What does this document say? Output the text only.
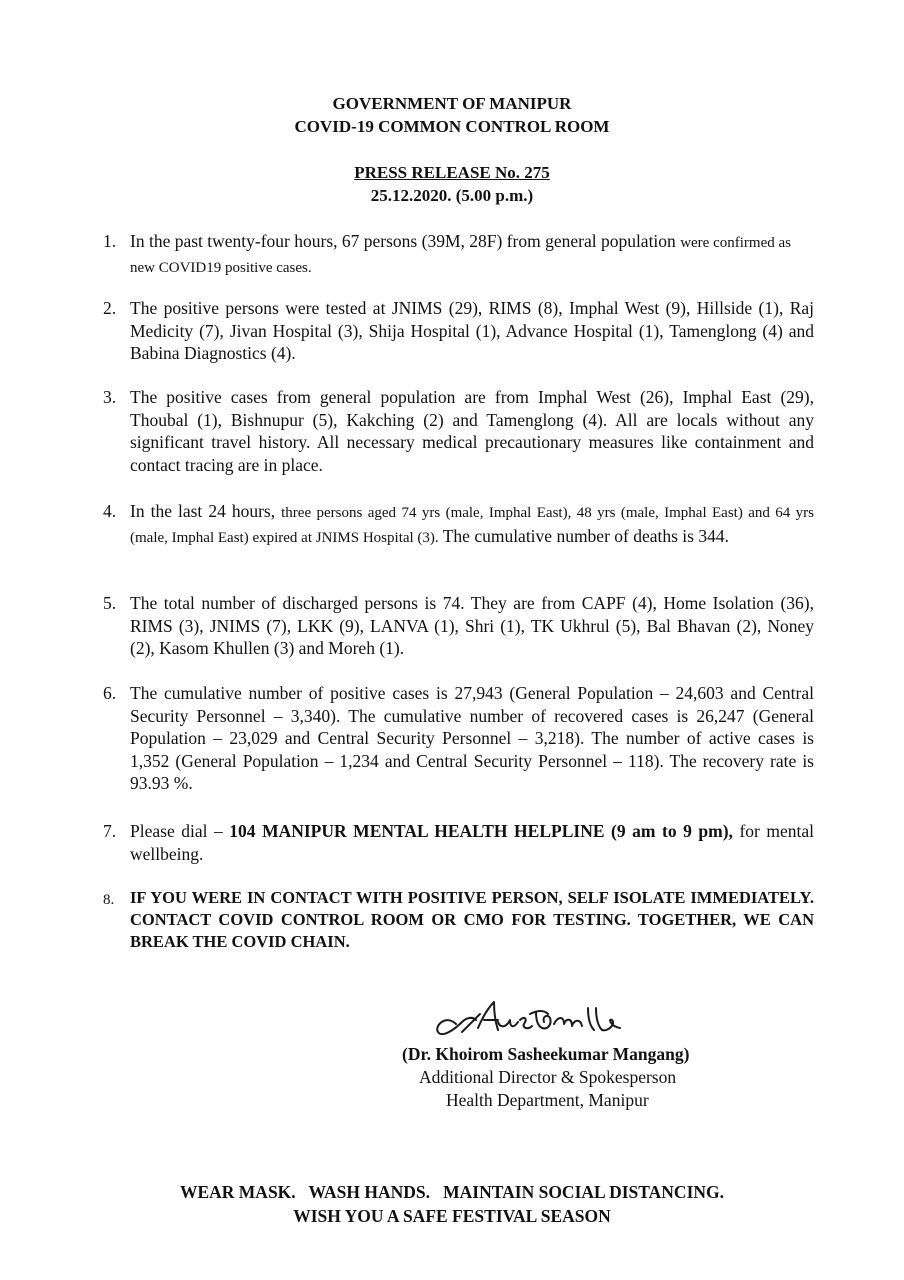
GOVERNMENT OF MANIPUR
COVID-19 COMMON CONTROL ROOM
PRESS RELEASE No. 275
25.12.2020. (5.00 p.m.)
1. In the past twenty-four hours, 67 persons (39M, 28F) from general population were confirmed as new COVID19 positive cases.
2. The positive persons were tested at JNIMS (29), RIMS (8), Imphal West (9), Hillside (1), Raj Medicity (7), Jivan Hospital (3), Shija Hospital (1), Advance Hospital (1), Tamenglong (4) and Babina Diagnostics (4).
3. The positive cases from general population are from Imphal West (26), Imphal East (29), Thoubal (1), Bishnupur (5), Kakching (2) and Tamenglong (4). All are locals without any significant travel history. All necessary medical precautionary measures like containment and contact tracing are in place.
4. In the last 24 hours, three persons aged 74 yrs (male, Imphal East), 48 yrs (male, Imphal East) and 64 yrs (male, Imphal East) expired at JNIMS Hospital (3). The cumulative number of deaths is 344.
5. The total number of discharged persons is 74. They are from CAPF (4), Home Isolation (36), RIMS (3), JNIMS (7), LKK (9), LANVA (1), Shri (1), TK Ukhrul (5), Bal Bhavan (2), Noney (2), Kasom Khullen (3) and Moreh (1).
6. The cumulative number of positive cases is 27,943 (General Population – 24,603 and Central Security Personnel – 3,340). The cumulative number of recovered cases is 26,247 (General Population – 23,029 and Central Security Personnel – 3,218). The number of active cases is 1,352 (General Population – 1,234 and Central Security Personnel – 118). The recovery rate is 93.93 %.
7. Please dial – 104 MANIPUR MENTAL HEALTH HELPLINE (9 am to 9 pm), for mental wellbeing.
8. IF YOU WERE IN CONTACT WITH POSITIVE PERSON, SELF ISOLATE IMMEDIATELY. CONTACT COVID CONTROL ROOM OR CMO FOR TESTING. TOGETHER, WE CAN BREAK THE COVID CHAIN.
(Dr. Khoirom Sasheekumar Mangang)
Additional Director & Spokesperson
Health Department, Manipur
WEAR MASK.   WASH HANDS.   MAINTAIN SOCIAL DISTANCING.
WISH YOU A SAFE FESTIVAL SEASON
